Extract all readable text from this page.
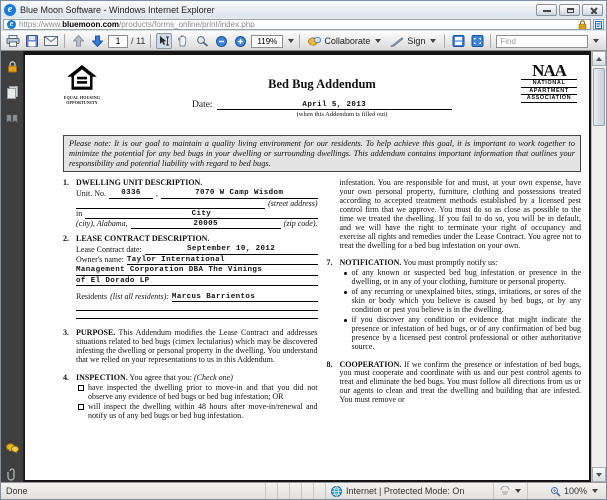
e Blue Moon Software - Windows Internet Explorer
e https://www.bluemoon.com/products/forms_online/print/index.php
1
/ 11	119%	Collaborate	Sign
Find
EQUAL HOUSING
OPPORTUNITY
NAA
NATIONAL
APARTMENT
ASSOCIATION
Bed Bug Addendum
Date:	April 5, 2013
(when this Addendum is filled out)
Please note: It is our goal to maintain a quality living environment for our residents. To help achieve this goal, it is important to work together to minimize the potential for any bed bugs in your dwelling or surrounding dwellings. This addendum contains important information that outlines your responsibility and potential liability with regard to bed bugs.
1. DWELLING UNIT DESCRIPTION.
Unit. No.	0336	,	7070 W Camp Wisdom
(street address)
in	City
(city), Alabama,	20005	(zip code).
2. LEASE CONTRACT DESCRIPTION.
Lease Contract date:	September 10, 2012
Owner's name: Taylor International
Management Corporation DBA The Vinings
of El Dorado LP
Residents (list all residents): Marcus Barrientos
3. PURPOSE. This Addendum modifies the Lease Contract and addresses situations related to bed bugs (cimex lectularius) which may be discovered infesting the dwelling or personal property in the dwelling. You understand that we relied on your representations to us in this Addendum.
4. INSPECTION. You agree that you: (Check one)
have inspected the dwelling prior to move-in and that you did not observe any evidence of bed bugs or bed bug infestation; OR
will inspect the dwelling within 48 hours after move-in/renewal and notify us of any bed bugs or bed bug infestation.
infestation. You are responsible for and must, at your own expense, have your own personal property, furniture, clothing and possessions treated according to accepted treatment methods established by a licensed pest control firm that we approve. You must do so as close as possible to the time we treated the dwelling. If you fail to do so, you will be in default, and we will have the right to terminate your right of occupancy and exercise all rights and remedies under the Lease Contract. You agree not to treat the dwelling for a bed bug infestation on your own.
7. NOTIFICATION. You must promptly notify us:
of any known or suspected bed bug infestation or presence in the dwelling, or in any of your clothing, furniture or personal property.
of any recurring or unexplained bites, stings, irritations, or sores of the skin or body which you believe is caused by bed bugs, or by any condition or pest you believe is in the dwelling.
if you discover any condition or evidence that might indicate the presence or infestation of bed bugs, or of any confirmation of bed bug presence by a licensed pest control professional or other authoritative source.
8. COOPERATION. If we confirm the presence or infestation of bed bugs, you must cooperate and coordinate with us and our pest control agents to treat and eliminate the bed bugs. You must follow all directions from us or our agents to clean and treat the dwelling and building that are infested. You must remove or
Done	Internet | Protected Mode: On	100%
